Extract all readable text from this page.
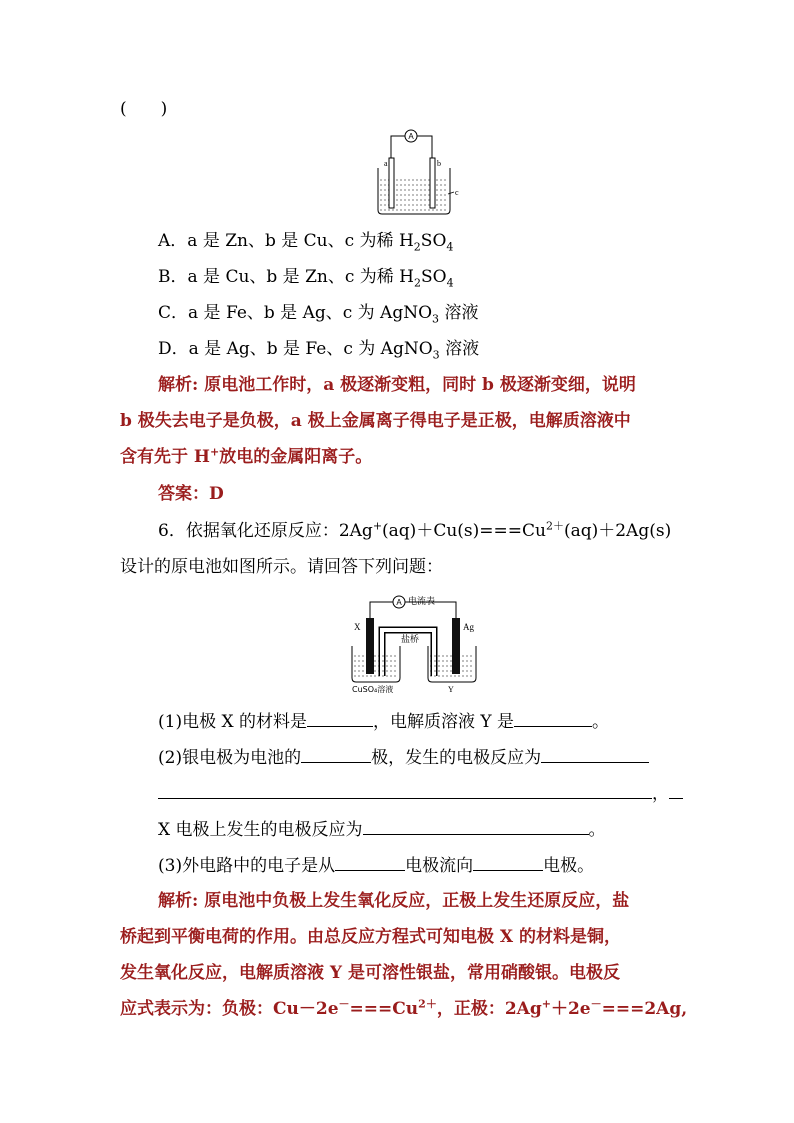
(　　)
A
a	b
c
A．a 是 Zn、b 是 Cu、c 为稀 $H_2SO_4$
B．a 是 Cu、b 是 Zn、c 为稀 $H_2SO_4$
C．a 是 Fe、b 是 Ag、c 为 AgNO$_3$ 溶液
D．a 是 Ag、b 是 Fe、c 为 AgNO$_3$ 溶液
解析: 原电池工作时，a 极逐渐变粗，同时 b 极逐渐变细，说明
b 极失去电子是负极，a 极上金属离子得电子是正极，电解质溶液中
含有先于 H+放电的金属阳离子。
答案：D
6．依据氧化还原反应：$2Ag^+(aq)+Cu(s)===Cu^{2+}(aq)+2Ag(s)$
设计的原电池如图所示。请回答下列问题：
A 电流表
盐桥
X	Ag
CuSO₄溶液	Y
(1)电极 X 的材料是	，电解质溶液 Y 是	。
(2)银电极为电池的	极，发生的电极反应为
，
X 电极上发生的电极反应为	。
(3)外电路中的电子是从	电极流向	电极。
解析: 原电池中负极上发生氧化反应，正极上发生还原反应，盐
桥起到平衡电荷的作用。由总反应方程式可知电极 X 的材料是铜，
发生氧化反应，电解质溶液 Y 是可溶性银盐，常用硝酸银。电极反
应式表示为：负极：$Cu-2e^-===Cu^{2+}$，正极：2Ag+＋2e－===2Ag,
